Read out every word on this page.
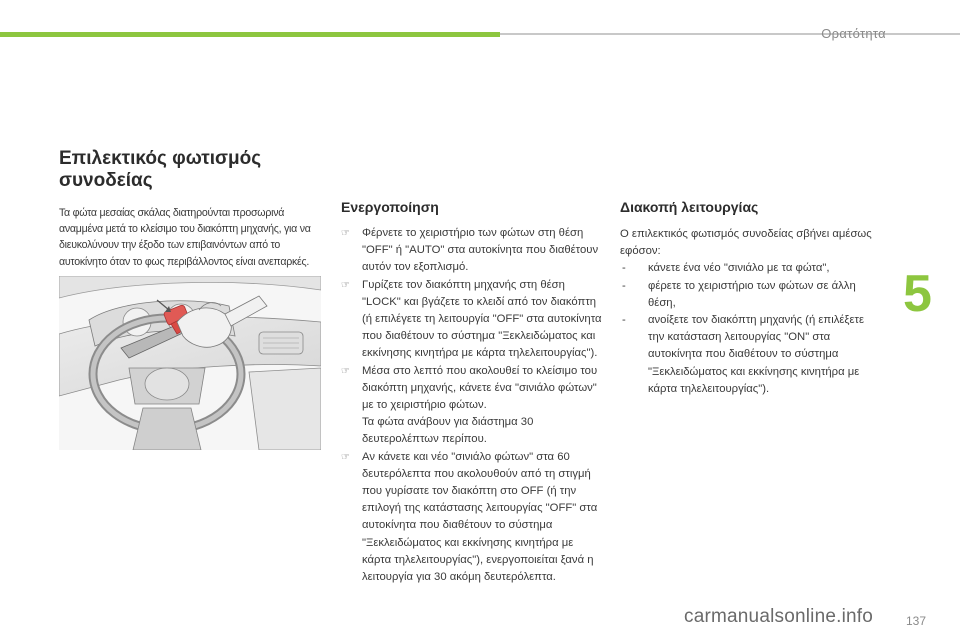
Ορατότητα
5
137
carmanualsonline.info
Επιλεκτικός φωτισμός
συνοδείας

Τα φώτα μεσαίας σκάλας διατηρούνται προσωρινά αναμμένα μετά το κλείσιμο του διακόπτη μηχανής, για να διευκολύνουν την έξοδο των επιβαινόντων από το αυτοκίνητο όταν το φως περιβάλλοντος είναι ανεπαρκές.

Ενεργοποίηση
☞ Φέρνετε το χειριστήριο των φώτων στη θέση "OFF" ή "AUTO" στα αυτοκίνητα που διαθέτουν αυτόν τον εξοπλισμό.
☞ Γυρίζετε τον διακόπτη μηχανής στη θέση "LOCK" και βγάζετε το κλειδί από τον διακόπτη (ή επιλέγετε τη λειτουργία "OFF" στα αυτοκίνητα που διαθέτουν το σύστημα "Ξεκλειδώματος και εκκίνησης κινητήρα με κάρτα τηλελειτουργίας").
☞ Μέσα στο λεπτό που ακολουθεί το κλείσιμο του διακόπτη μηχανής, κάνετε ένα "σινιάλο φώτων" με το χειριστήριο φώτων.
Τα φώτα ανάβουν για διάστημα 30 δευτερολέπτων περίπου.
☞ Αν κάνετε και νέο "σινιάλο φώτων" στα 60 δευτερόλεπτα που ακολουθούν από τη στιγμή που γυρίσατε τον διακόπτη στο OFF (ή την επιλογή της κατάστασης λειτουργίας "OFF" στα αυτοκίνητα που διαθέτουν το σύστημα "Ξεκλειδώματος και εκκίνησης κινητήρα με κάρτα τηλελειτουργίας"), ενεργοποιείται ξανά η λειτουργία για 30 ακόμη δευτερόλεπτα.
Διακοπή λειτουργίας

Ο επιλεκτικός φωτισμός συνοδείας σβήνει αμέσως εφόσον:

- κάνετε ένα νέο "σινιάλο με τα φώτα",
- φέρετε το χειριστήριο των φώτων σε άλλη θέση,
- ανοίξετε τον διακόπτη μηχανής (ή επιλέξετε την κατάσταση λειτουργίας "ON" στα αυτοκίνητα που διαθέτουν το σύστημα "Ξεκλειδώματος και εκκίνησης κινητήρα με κάρτα τηλελειτουργίας").
